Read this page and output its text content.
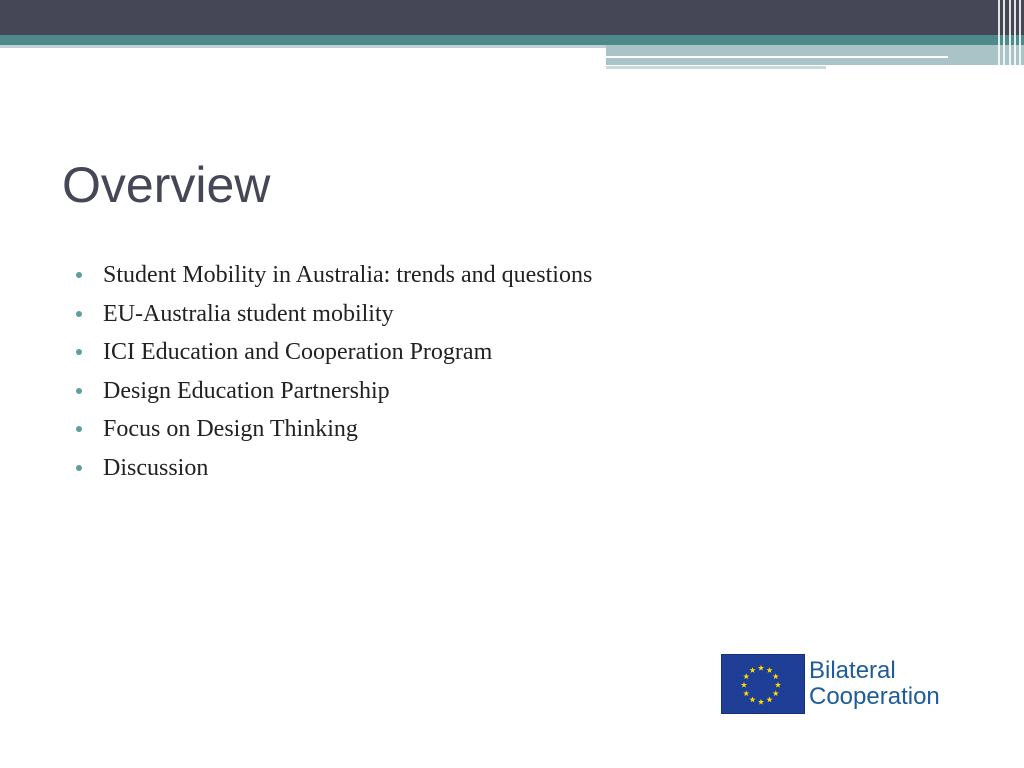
Overview
Student Mobility in Australia: trends and questions
EU-Australia student mobility
ICI Education and Cooperation Program
Design Education Partnership
Focus on Design Thinking
Discussion
Bilateral
Cooperation
